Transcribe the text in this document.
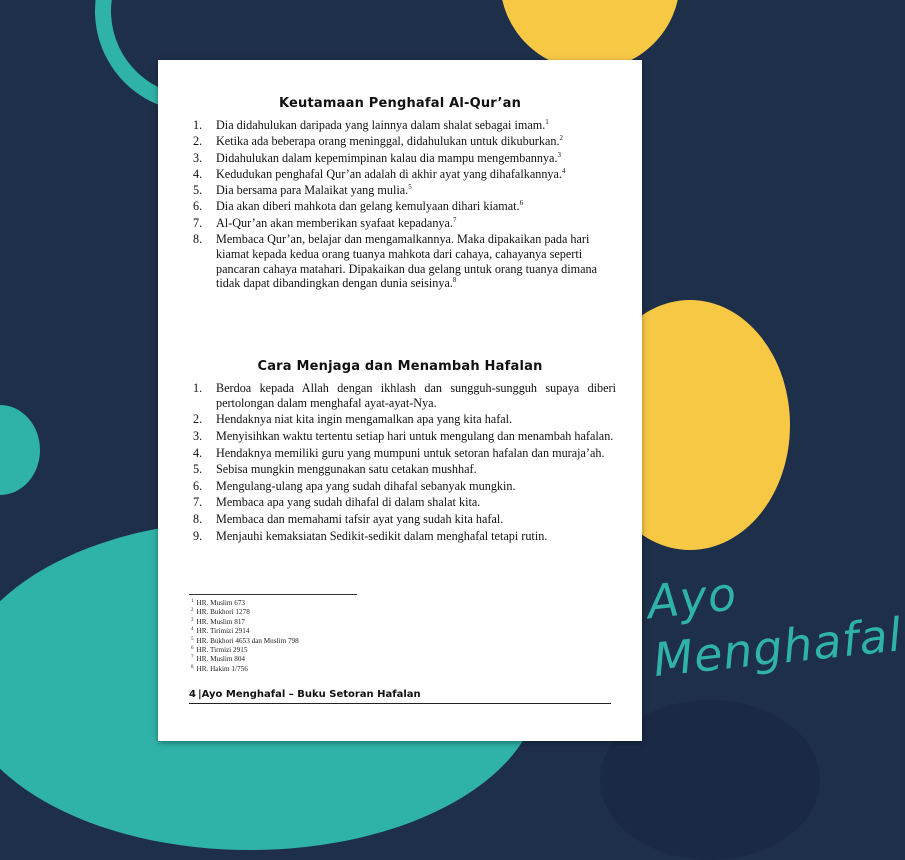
Ayo Menghafal
Keutamaan Penghafal Al-Qur’an
1. Dia didahulukan daripada yang lainnya dalam shalat sebagai imam.$^1$
2. Ketika ada beberapa orang meninggal, didahulukan untuk dikuburkan.$^2$
3. Didahulukan dalam kepemimpinan kalau dia mampu mengembannya.$^3$
4. Kedudukan penghafal Qur’an adalah di akhir ayat yang dihafalkannya.$^4$
5. Dia bersama para Malaikat yang mulia.$^5$
6. Dia akan diberi mahkota dan gelang kemulyaan dihari kiamat.$^6$
7. Al-Qur’an akan memberikan syafaat kepadanya.$^7$
8. Membaca Qur’an, belajar dan mengamalkannya. Maka dipakaikan pada hari kiamat kepada kedua orang tuanya mahkota dari cahaya, cahayanya seperti pancaran cahaya matahari. Dipakaikan dua gelang untuk orang tuanya dimana tidak dapat dibandingkan dengan dunia seisinya.$^8$
Cara Menjaga dan Menambah Hafalan
1. Berdoa kepada Allah dengan ikhlash dan sungguh-sungguh supaya diberi pertolongan dalam menghafal ayat-ayat-Nya.
2. Hendaknya niat kita ingin mengamalkan apa yang kita hafal.
3. Menyisihkan waktu tertentu setiap hari untuk mengulang dan menambah hafalan.
4. Hendaknya memiliki guru yang mumpuni untuk setoran hafalan dan muraja’ah.
5. Sebisa mungkin menggunakan satu cetakan mushhaf.
6. Mengulang-ulang apa yang sudah dihafal sebanyak mungkin.
7. Membaca apa yang sudah dihafal di dalam shalat kita.
8. Membaca dan memahami tafsir ayat yang sudah kita hafal.
9. Menjauhi kemaksiatan Sedikit-sedikit dalam menghafal tetapi rutin.
$^1$ HR. Muslim 673
$^2$ HR. Bukhori 1278
$^3$ HR. Muslim 817
$^4$ HR. Tirimizi 2914
$^5$ HR. Bukhori 4653 dan Muslim 798
$^6$ HR. Tirmizi 2915
$^7$ HR. Muslim 804
$^8$ HR. Hakim 1/756
4 |Ayo Menghafal – Buku Setoran Hafalan
